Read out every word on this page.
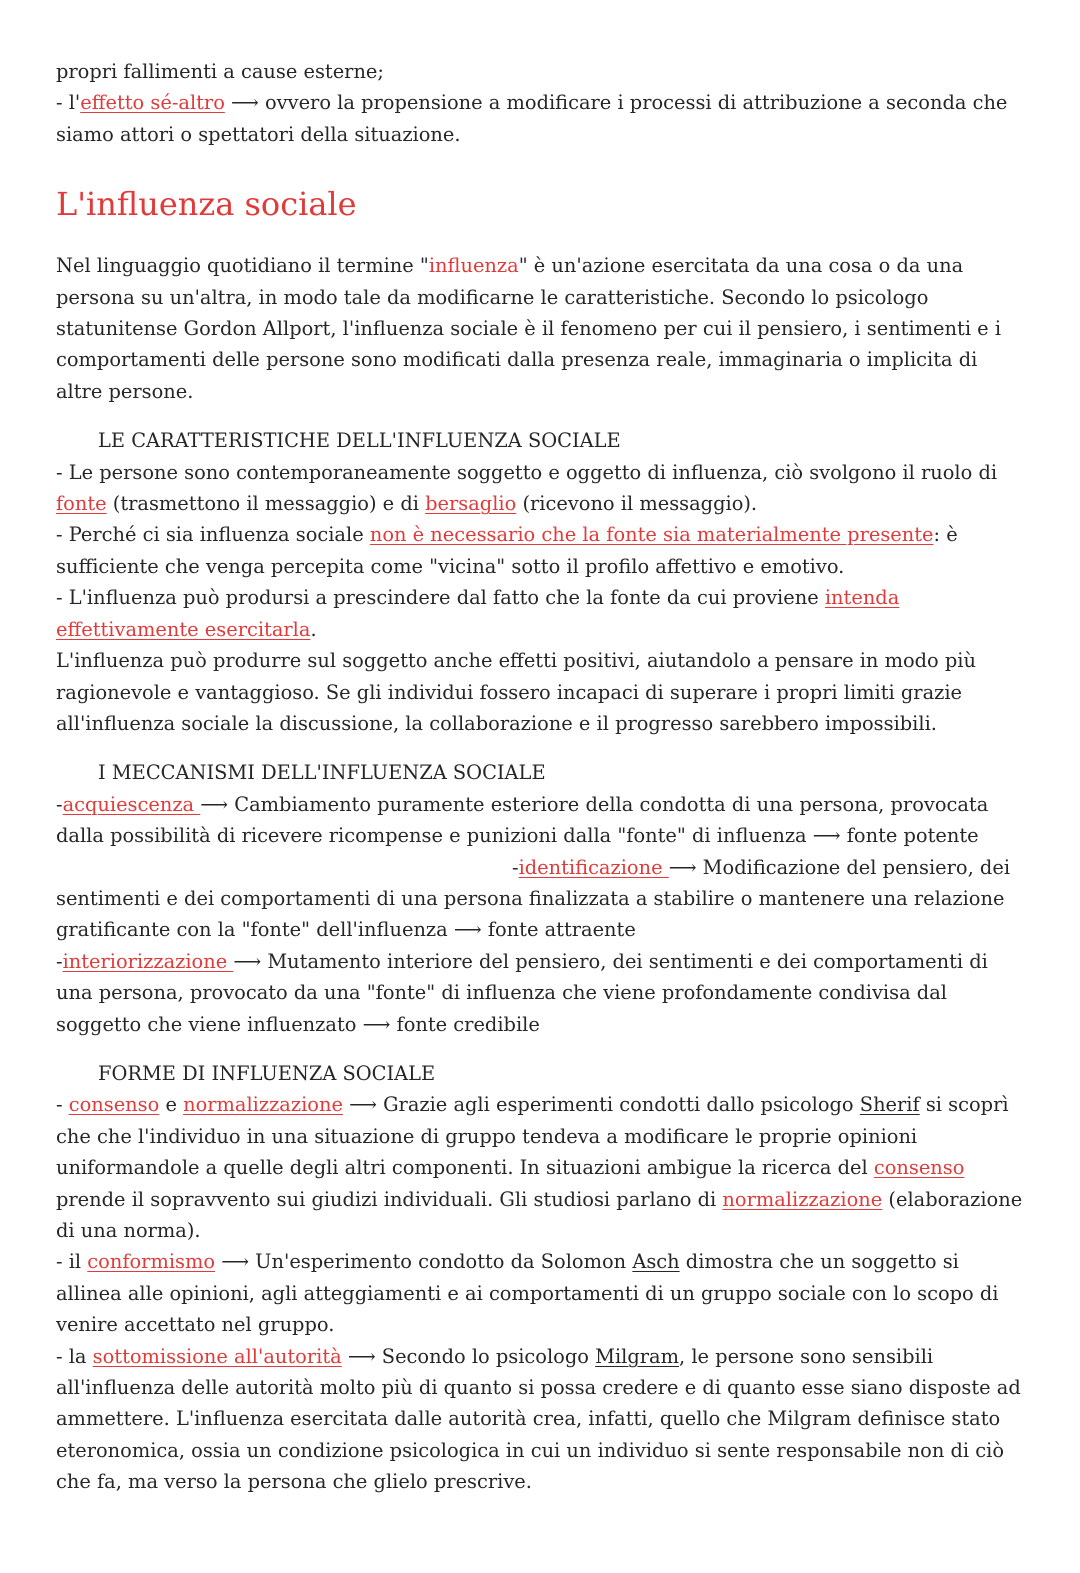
propri fallimenti a cause esterne;

- l'effetto sé-altro ⟶ ovvero la propensione a modificare i processi di attribuzione a seconda che siamo attori o spettatori della situazione.

L'influenza sociale

Nel linguaggio quotidiano il termine "influenza" è un'azione esercitata da una cosa o da una persona su un'altra, in modo tale da modificarne le caratteristiche. Secondo lo psicologo statunitense Gordon Allport, l'influenza sociale è il fenomeno per cui il pensiero, i sentimenti e i comportamenti delle persone sono modificati dalla presenza reale, immaginaria o implicita di altre persone.

LE CARATTERISTICHE DELL'INFLUENZA SOCIALE

- Le persone sono contemporaneamente soggetto e oggetto di influenza, ciò svolgono il ruolo di fonte (trasmettono il messaggio) e di bersaglio (ricevono il messaggio).

- Perché ci sia influenza sociale non è necessario che la fonte sia materialmente presente: è sufficiente che venga percepita come "vicina" sotto il profilo affettivo e emotivo.

- L'influenza può prodursi a prescindere dal fatto che la fonte da cui proviene intenda effettivamente esercitarla.

L'influenza può produrre sul soggetto anche effetti positivi, aiutandolo a pensare in modo più ragionevole e vantaggioso. Se gli individui fossero incapaci di superare i propri limiti grazie all'influenza sociale la discussione, la collaborazione e il progresso sarebbero impossibili.

I MECCANISMI DELL'INFLUENZA SOCIALE

-acquiescenza ⟶ Cambiamento puramente esteriore della condotta di una persona, provocata dalla possibilità di ricevere ricompense e punizioni dalla "fonte" di influenza ⟶ fonte potente-identificazione ⟶ Modificazione del pensiero, dei sentimenti e dei comportamenti di una persona finalizzata a stabilire o mantenere una relazione gratificante con la "fonte" dell'influenza ⟶ fonte attraente
-interiorizzazione ⟶ Mutamento interiore del pensiero, dei sentimenti e dei comportamenti di una persona, provocato da una "fonte" di influenza che viene profondamente condivisa dal soggetto che viene influenzato ⟶ fonte credibile

FORME DI INFLUENZA SOCIALE

- consenso e normalizzazione ⟶ Grazie agli esperimenti condotti dallo psicologo Sherif si scoprì che che l'individuo in una situazione di gruppo tendeva a modificare le proprie opinioni uniformandole a quelle degli altri componenti. In situazioni ambigue la ricerca del consenso prende il sopravvento sui giudizi individuali. Gli studiosi parlano di normalizzazione (elaborazione di una norma).

- il conformismo ⟶ Un'esperimento condotto da Solomon Asch dimostra che un soggetto si allinea alle opinioni, agli atteggiamenti e ai comportamenti di un gruppo sociale con lo scopo di venire accettato nel gruppo.

- la sottomissione all'autorità ⟶ Secondo lo psicologo Milgram, le persone sono sensibili all'influenza delle autorità molto più di quanto si possa credere e di quanto esse siano disposte ad ammettere. L'influenza esercitata dalle autorità crea, infatti, quello che Milgram definisce stato eteronomica, ossia un condizione psicologica in cui un individuo si sente responsabile non di ciò che fa, ma verso la persona che glielo prescrive.
